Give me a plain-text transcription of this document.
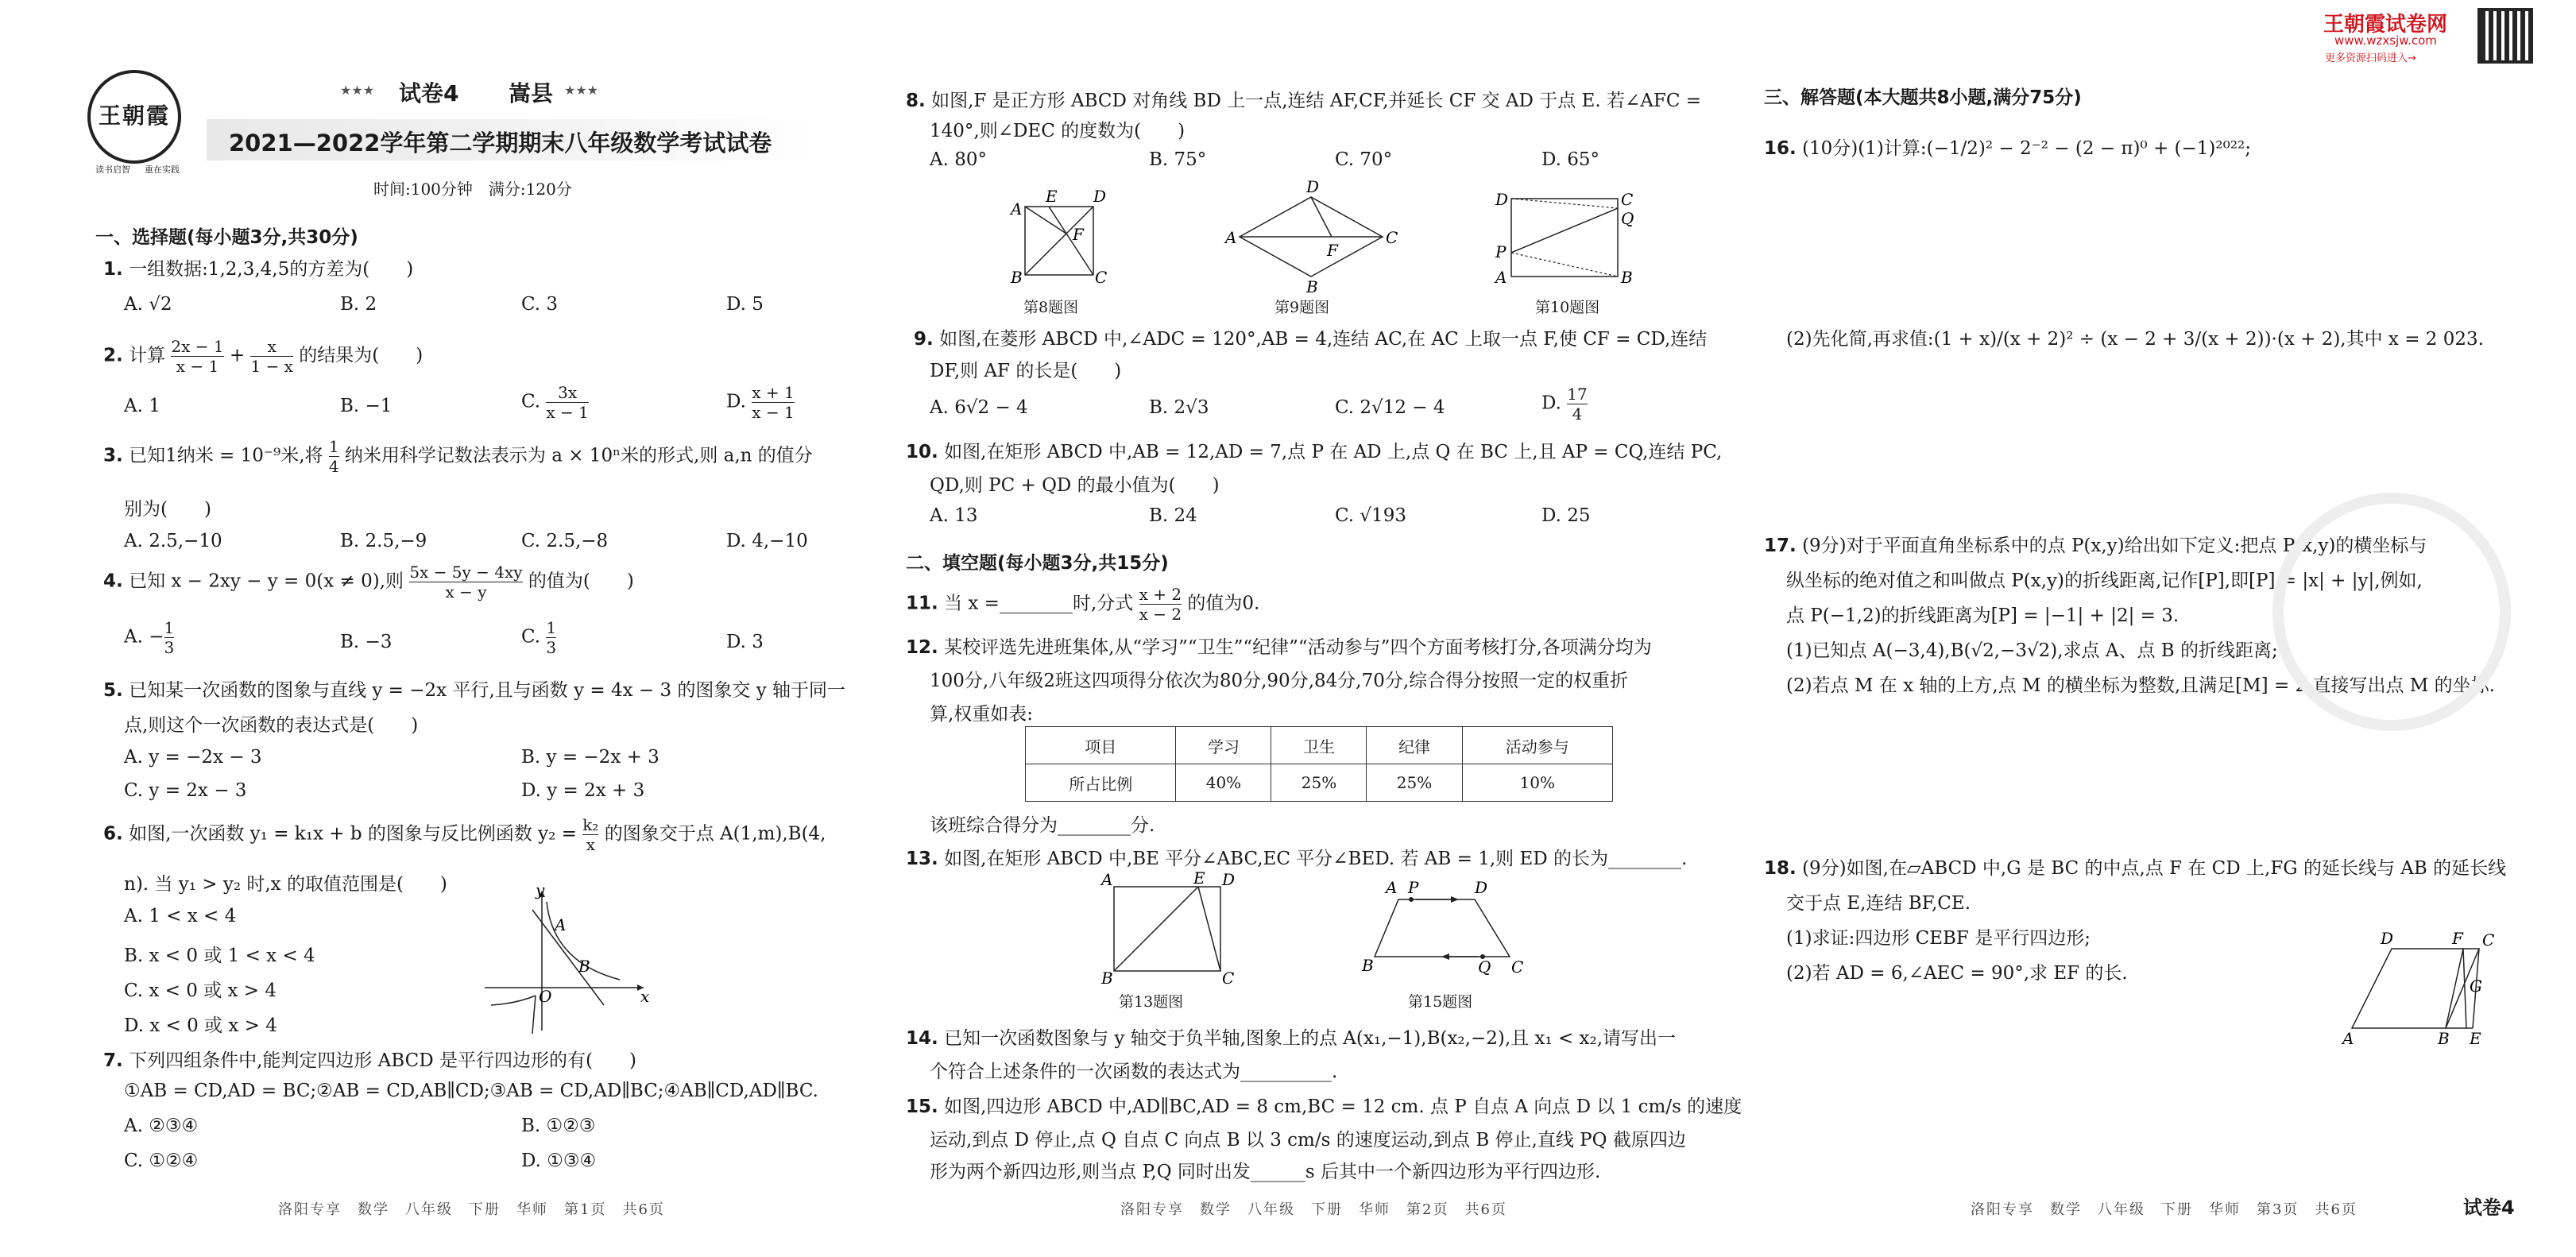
王朝霞试卷网
www.wzxsjw.com
更多资源扫码进入→
王朝霞
读书启智 重在实践
★★★ 试卷4 嵩县 ★★★
2021—2022学年第二学期期末八年级数学考试试卷
时间:100分钟　满分:120分
一、选择题(每小题3分,共30分)
1. 一组数据:1,2,3,4,5的方差为(　　)
A. √2	B. 2	C. 3	D. 5
2. 计算 $\frac{2x - 1}{x - 1} + \frac{x}{1 - x}$ 的结果为(　　)
A. 1	B. −1	C. $\frac{3x}{x - 1}$	D. $\frac{x + 1}{x - 1}$
3. 已知1纳米 = 10⁻⁹米,将 $\frac{1}{4}$ 纳米用科学记数法表示为 a × 10ⁿ米的形式,则 a,n 的值分
别为(　　)
A. 2.5,−10	B. 2.5,−9	C. 2.5,−8	D. 4,−10
4. 已知 x − 2xy − y = 0(x ≠ 0),则 $\frac{5x - 5y - 4xy}{x - y}$ 的值为(　　)
A. − $\frac{1}{3}$	B. −3	C. $\frac{1}{3}$	D. 3
5. 已知某一次函数的图象与直线 y = −2x 平行,且与函数 y = 4x − 3 的图象交 y 轴于同一
点,则这个一次函数的表达式是(　　)
A. y = −2x − 3	B. y = −2x + 3
C. y = 2x − 3	D. y = 2x + 3
6. 如图,一次函数 y₁ = k₁x + b 的图象与反比例函数 $y_2 = \frac{\text{k₂}}{x}$ 的图象交于点 A(1,m),B(4,
n). 当 y₁ > y₂ 时,x 的取值范围是(　　)
A. 1 < x < 4
B. x < 0 或 1 < x < 4
C. x < 0 或 x > 4
D. x < 0 或 x > 4
y
A
B
O	x
7. 下列四组条件中,能判定四边形 ABCD 是平行四边形的有(　　)
①AB = CD,AD = BC;②AB = CD,AB∥CD;③AB = CD,AD∥BC;④AB∥CD,AD∥BC.
A. ②③④	B. ①②③
C. ①②④	D. ①③④
洛阳专享　数学　八年级　下册　华师　第1页　共6页
8. 如图,F 是正方形 ABCD 对角线 BD 上一点,连结 AF,CF,并延长 CF 交 AD 于点 E. 若∠AFC =
140°,则∠DEC 的度数为(　　)
A. 80°	B. 75°	C. 70°	D. 65°
A
E D
F
B	C
第8题图
A
D
C
F
B
第9题图
D	C
Q
P
A	B
第10题图
9. 如图,在菱形 ABCD 中,∠ADC = 120°,AB = 4,连结 AC,在 AC 上取一点 F,使 CF = CD,连结
DF,则 AF 的长是(　　)
A. 6√2 − 4	B. 2√3	C. 2√12 − 4	D. $\frac{17}{4}$
10. 如图,在矩形 ABCD 中,AB = 12,AD = 7,点 P 在 AD 上,点 Q 在 BC 上,且 AP = CQ,连结 PC,
QD,则 PC + QD 的最小值为(　　)
A. 13	B. 24	C. √193	D. 25
二、填空题(每小题3分,共15分)
11. 当 x =________时,分式 $\frac{x + 2}{x - 2}$ 的值为0.
12. 某校评选先进班集体,从“学习”“卫生”“纪律”“活动参与”四个方面考核打分,各项满分均为
100分,八年级2班这四项得分依次为80分,90分,84分,70分,综合得分按照一定的权重折
算,权重如表:
项目	学习	卫生	纪律	活动参与
所占比例	40%	25%	25%	10%
该班综合得分为________分.
13. 如图,在矩形 ABCD 中,BE 平分∠ABC,EC 平分∠BED. 若 AB = 1,则 ED 的长为________.
A	E D
B	C
第13题图
A P	D
B	Q C
第15题图
14. 已知一次函数图象与 y 轴交于负半轴,图象上的点 A(x₁,−1),B(x₂,−2),且 x₁ < x₂,请写出一
个符合上述条件的一次函数的表达式为__________.
15. 如图,四边形 ABCD 中,AD∥BC,AD = 8 cm,BC = 12 cm. 点 P 自点 A 向点 D 以 1 cm/s 的速度
运动,到点 D 停止,点 Q 自点 C 向点 B 以 3 cm/s 的速度运动,到点 B 停止,直线 PQ 截原四边
形为两个新四边形,则当点 P,Q 同时出发______s 后其中一个新四边形为平行四边形.
洛阳专享　数学　八年级　下册　华师　第2页　共6页
三、解答题(本大题共8小题,满分75分)
16. (10分)(1)计算:(−1/2)² − 2⁻² − (2 − π)⁰ + (−1)²⁰²²;
(2)先化简,再求值:(1 + x)/(x + 2)² ÷ (x − 2 + 3/(x + 2))·(x + 2),其中 x = 2 023.
17. (9分)对于平面直角坐标系中的点 P(x,y)给出如下定义:把点 P(x,y)的横坐标与
纵坐标的绝对值之和叫做点 P(x,y)的折线距离,记作[P],即[P] = |x| + |y|,例如,
点 P(−1,2)的折线距离为[P] = |−1| + |2| = 3.
(1)已知点 A(−3,4),B(√2,−3√2),求点 A、点 B 的折线距离;
(2)若点 M 在 x 轴的上方,点 M 的横坐标为整数,且满足[M] = 2,直接写出点 M 的坐标.
18. (9分)如图,在▱ABCD 中,G 是 BC 的中点,点 F 在 CD 上,FG 的延长线与 AB 的延长线
交于点 E,连结 BF,CE.
(1)求证:四边形 CEBF 是平行四边形;
(2)若 AD = 6,∠AEC = 90°,求 EF 的长.
D	F C
G
A	B E
洛阳专享　数学　八年级　下册　华师　第3页　共6页	试卷4
